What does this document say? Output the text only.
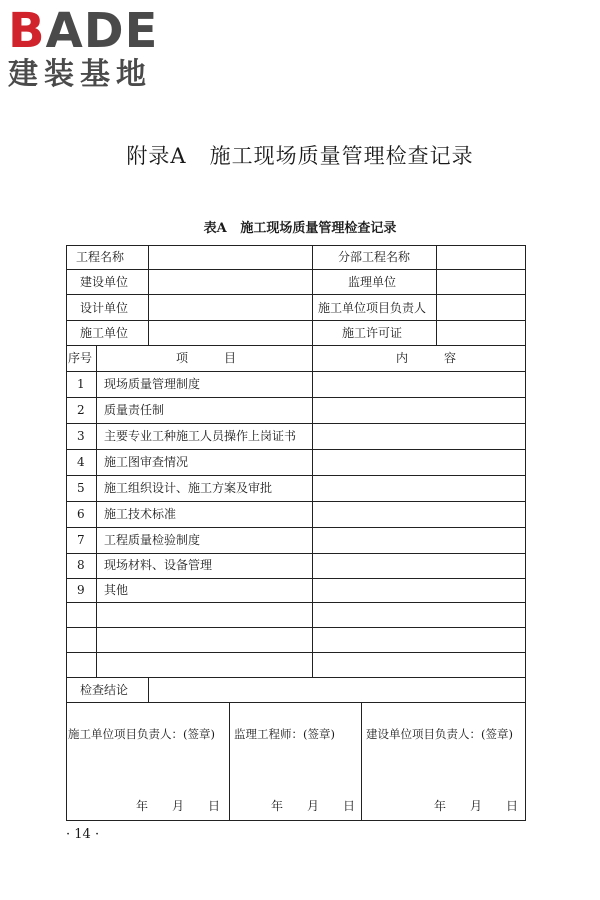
BADE
建装基地
附录A   施工现场质量管理检查记录
表A   施工现场质量管理检查记录
工程名称	分部工程名称
建设单位	监理单位
设计单位	施工单位项目负责人
施工单位	施工许可证
序号	项　　　目	内　　　容
1 现场质量管理制度
2 质量责任制
3 主要专业工种施工人员操作上岗证书
4 施工图审查情况
5 施工组织设计、施工方案及审批
6 施工技术标准
7 工程质量检验制度
8 现场材料、设备管理
9 其他
检查结论
施工单位项目负责人：(签章) 监理工程师：(签章)	建设单位项目负责人：(签章)
年　　月　　日	年　　月　　日	年　　月　　日
· 14 ·
